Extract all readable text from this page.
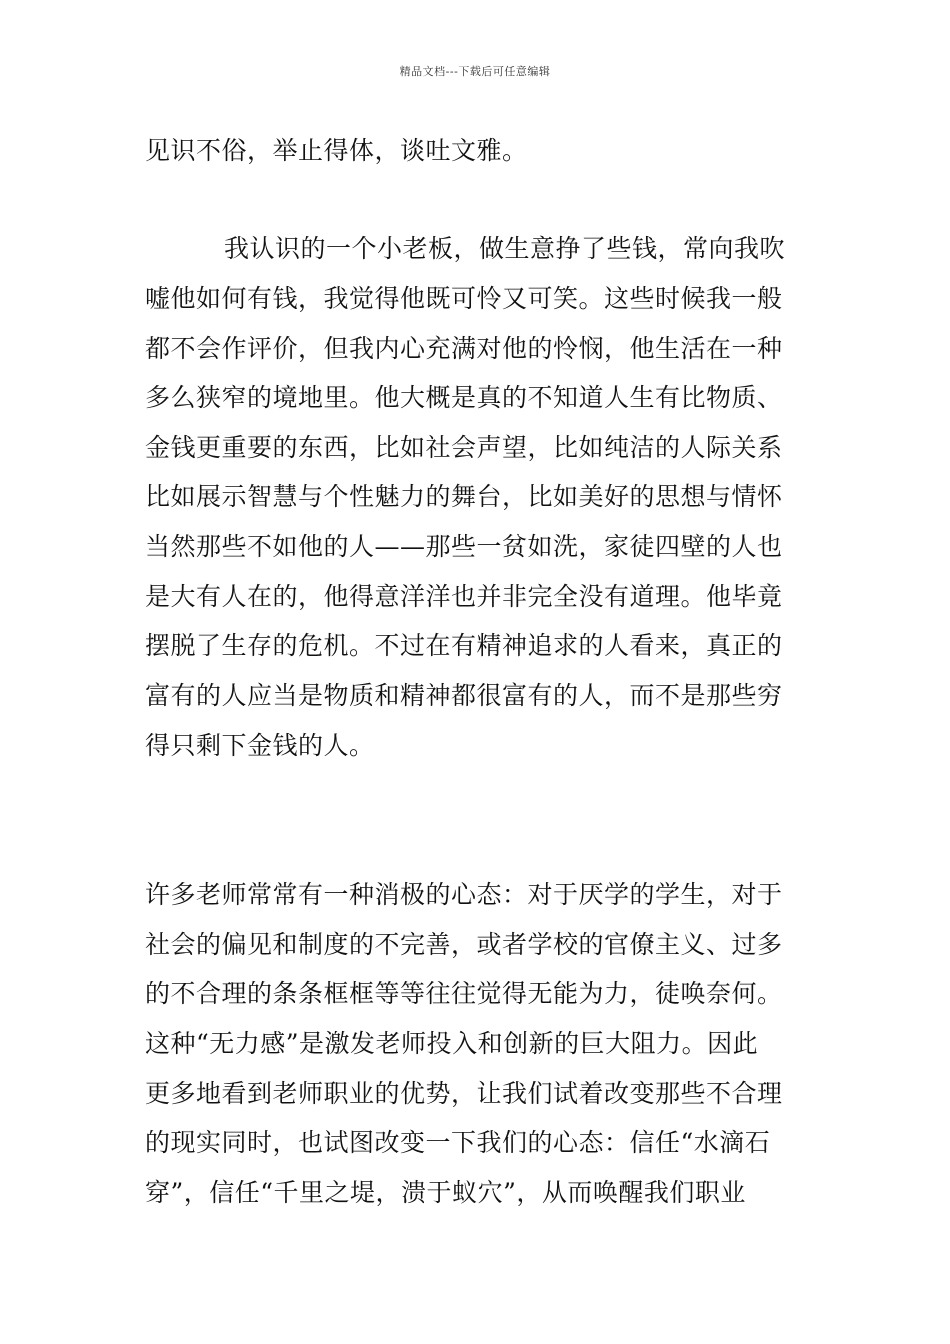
精品文档---下载后可任意编辑
见识不俗，举止得体，谈吐文雅。
我认识的一个小老板，做生意挣了些钱，常向我吹
嘘他如何有钱，我觉得他既可怜又可笑。这些时候我一般
都不会作评价，但我内心充满对他的怜悯，他生活在一种
多么狭窄的境地里。他大概是真的不知道人生有比物质、
金钱更重要的东西，比如社会声望，比如纯洁的人际关系
比如展示智慧与个性魅力的舞台，比如美好的思想与情怀
当然那些不如他的人——那些一贫如洗，家徒四壁的人也
是大有人在的，他得意洋洋也并非完全没有道理。他毕竟
摆脱了生存的危机。不过在有精神追求的人看来，真正的
富有的人应当是物质和精神都很富有的人，而不是那些穷
得只剩下金钱的人。
许多老师常常有一种消极的心态：对于厌学的学生，对于
社会的偏见和制度的不完善，或者学校的官僚主义、过多
的不合理的条条框框等等往往觉得无能为力，徒唤奈何。
这种“无力感”是激发老师投入和创新的巨大阻力。因此
更多地看到老师职业的优势，让我们试着改变那些不合理
的现实同时，也试图改变一下我们的心态：信任“水滴石
穿”，信任“千里之堤，溃于蚁穴”，从而唤醒我们职业
